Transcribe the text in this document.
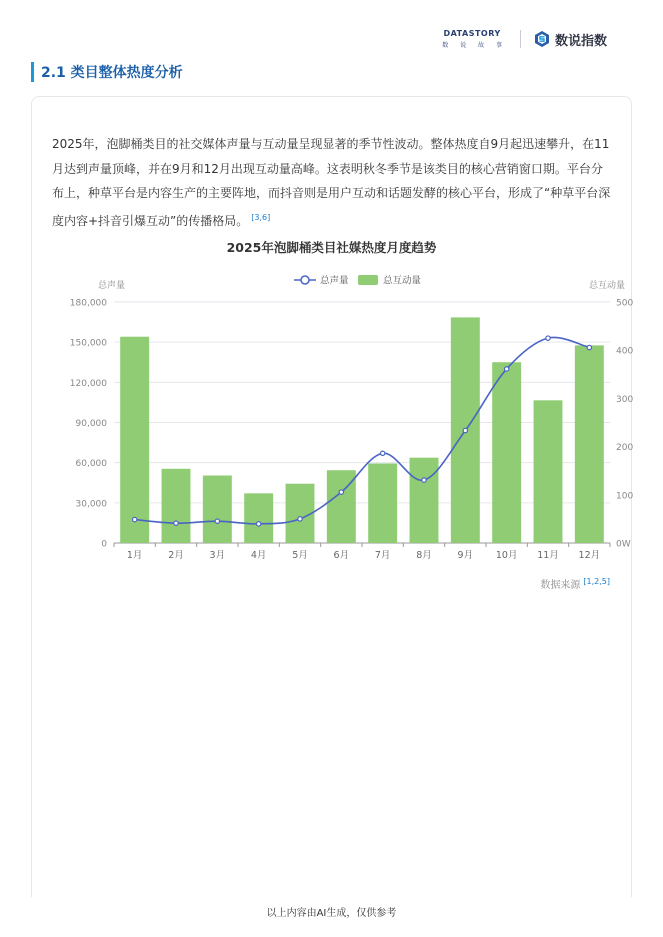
DATASTORY
数 说 故 事	数说指数
2.1 类目整体热度分析

2025年，泡脚桶类目的社交媒体声量与互动量呈现显著的季节性波动。整体热度自9月起迅速攀升，在11月达到声量顶峰，并在9月和12月出现互动量高峰。这表明秋冬季节是该类目的核心营销窗口期。平台分布上，种草平台是内容生产的主要阵地，而抖音则是用户互动和话题发酵的核心平台，形成了“种草平台深度内容+抖音引爆互动”的传播格局。 [3,6]

2025年泡脚桶类目社媒热度月度趋势
0
30,000
60,000
90,000
120,000
150,000
180,000
0W
100
200
300
400
500
总声量	总互动量
1月	2月	3月	4月	5月	6月	7月	8月	9月 10月 11月 12月
总声量	总互动量
数据来源 [1,2,5]
以上内容由AI生成，仅供参考
